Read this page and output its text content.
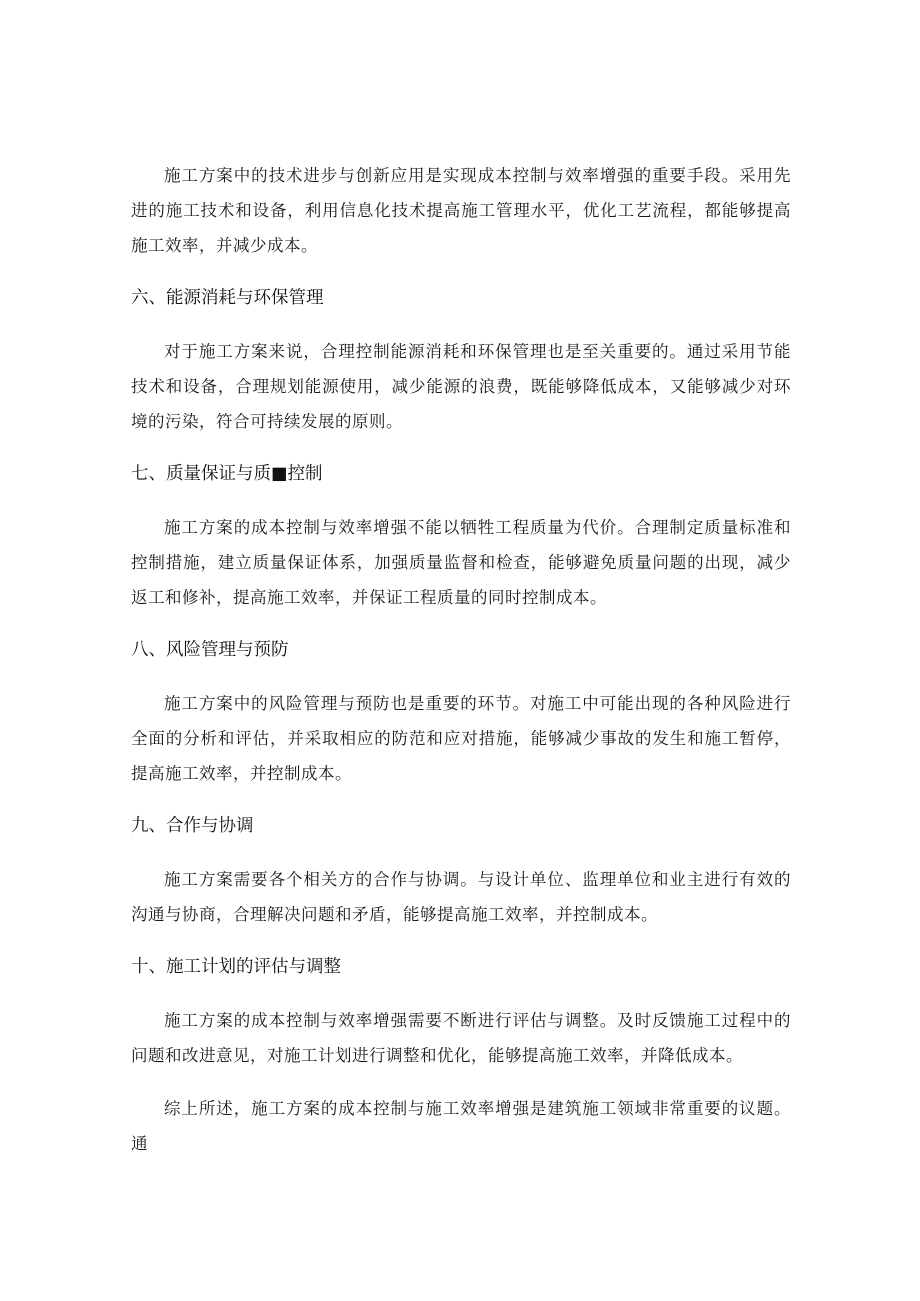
施工方案中的技术进步与创新应用是实现成本控制与效率增强的重要手段。采用先进的施工技术和设备，利用信息化技术提高施工管理水平，优化工艺流程，都能够提高施工效率，并减少成本。

六、能源消耗与环保管理

对于施工方案来说，合理控制能源消耗和环保管理也是至关重要的。通过采用节能技术和设备，合理规划能源使用，减少能源的浪费，既能够降低成本，又能够减少对环境的污染，符合可持续发展的原则。

七、质量保证与质■控制

施工方案的成本控制与效率增强不能以牺牲工程质量为代价。合理制定质量标准和控制措施，建立质量保证体系，加强质量监督和检查，能够避免质量问题的出现，减少返工和修补，提高施工效率，并保证工程质量的同时控制成本。

八、风险管理与预防

施工方案中的风险管理与预防也是重要的环节。对施工中可能出现的各种风险进行全面的分析和评估，并采取相应的防范和应对措施，能够减少事故的发生和施工暂停，提高施工效率，并控制成本。

九、合作与协调

施工方案需要各个相关方的合作与协调。与设计单位、监理单位和业主进行有效的沟通与协商，合理解决问题和矛盾，能够提高施工效率，并控制成本。

十、施工计划的评估与调整

施工方案的成本控制与效率增强需要不断进行评估与调整。及时反馈施工过程中的问题和改进意见，对施工计划进行调整和优化，能够提高施工效率，并降低成本。

综上所述，施工方案的成本控制与施工效率增强是建筑施工领域非常重要的议题。通
